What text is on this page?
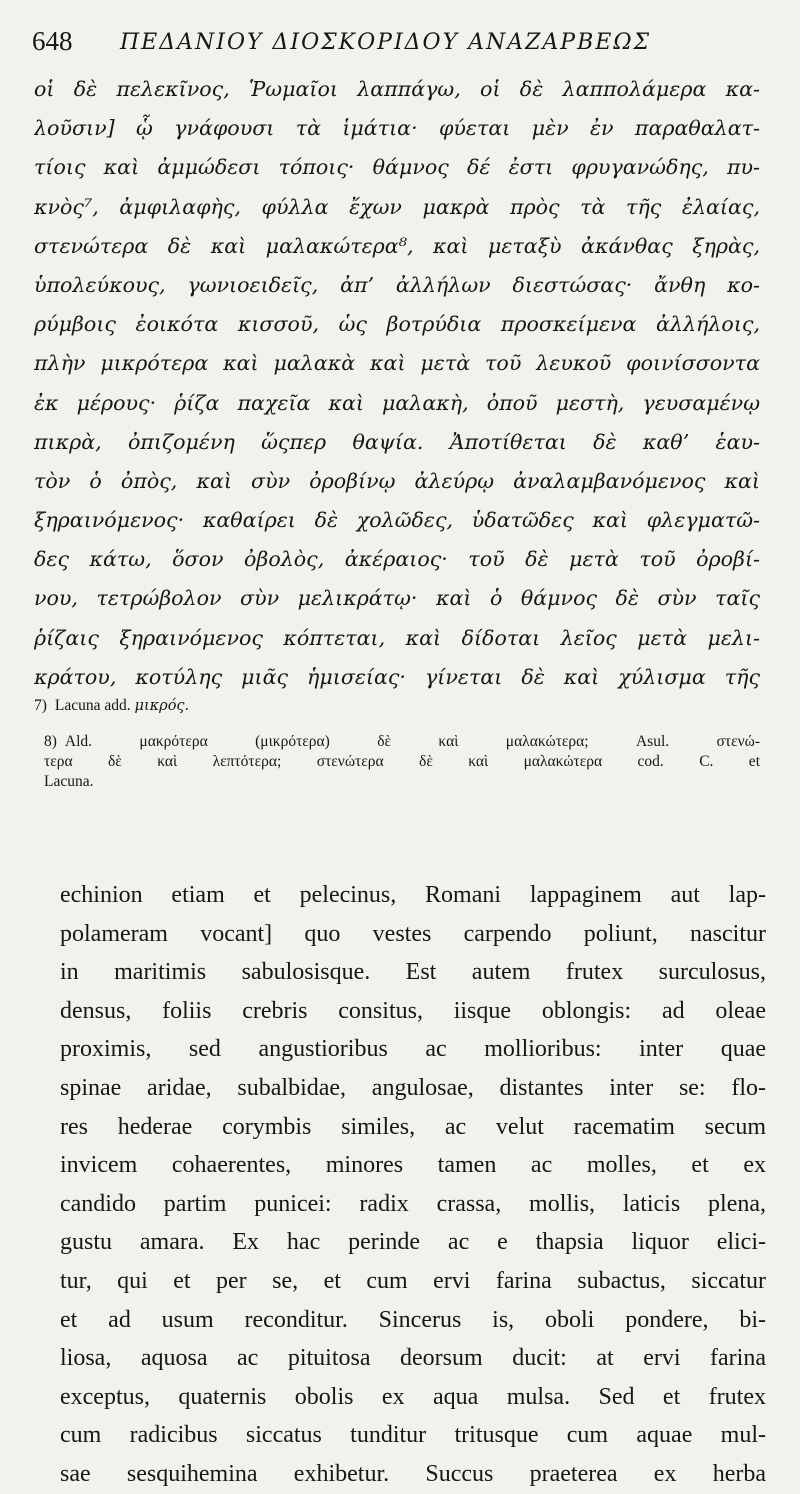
648 ΠΕΔΑΝΙΟΥ ΔΙΟΣΚΟΡΙΔΟΥ ΑΝΑΖΑΡΒΕΩΣ
οἱ δὲ πελεκῖνος, Ῥωμαῖοι λαππάγω, οἱ δὲ λαππολάμερα κα-
λοῦσιν] ᾧ γνάφουσι τὰ ἱμάτια· φύεται μὲν ἐν παραθαλατ-
τίοις καὶ ἀμμώδεσι τόποις· θάμνος δέ ἐστι φρυγανώδης, πυ-
κνὸς⁷, ἀμφιλαφὴς, φύλλα ἔχων μακρὰ πρὸς τὰ τῆς ἐλαίας,
στενώτερα δὲ καὶ μαλακώτερα⁸, καὶ μεταξὺ ἀκάνθας ξηρὰς,
ὑπολεύκους, γωνιοειδεῖς, ἀπ’ ἀλλήλων διεστώσας· ἄνθη κο-
ρύμβοις ἐοικότα κισσοῦ, ὡς βοτρύδια προσκείμενα ἀλλήλοις,
πλὴν μικρότερα καὶ μαλακὰ καὶ μετὰ τοῦ λευκοῦ φοινίσσοντα
ἐκ μέρους· ῥίζα παχεῖα καὶ μαλακὴ, ὀποῦ μεστὴ, γευσαμένῳ
πικρὰ, ὀπιζομένη ὥςπερ θαψία. Ἀποτίθεται δὲ καθ’ ἑαυ-
τὸν ὁ ὀπὸς, καὶ σὺν ὀροβίνῳ ἀλεύρῳ ἀναλαμβανόμενος καὶ
ξηραινόμενος· καθαίρει δὲ χολῶδες, ὑδατῶδες καὶ φλεγματῶ-
δες κάτω, ὅσον ὀβολὸς, ἀκέραιος· τοῦ δὲ μετὰ τοῦ ὀροβί-
νου, τετρώβολον σὺν μελικράτῳ· καὶ ὁ θάμνος δὲ σὺν ταῖς
ῥίζαις ξηραινόμενος κόπτεται, καὶ δίδοται λεῖος μετὰ μελι-
κράτου, κοτύλης μιᾶς ἡμισείας· γίνεται δὲ καὶ χύλισμα τῆς
7) Lacuna add. μικρός.
8) Ald. μακρότερα (μικρότερα) δὲ καὶ μαλακώτερα; Asul. στενώ-
τερα δὲ καὶ λεπτότερα; στενώτερα δὲ καὶ μαλακώτερα cod. C. et
Lacuna.
echinion etiam et pelecinus, Romani lappaginem aut lap-
polameram vocant] quo vestes carpendo poliunt, nascitur
in maritimis sabulosisque. Est autem frutex surculosus,
densus, foliis crebris consitus, iisque oblongis: ad oleae
proximis, sed angustioribus ac mollioribus: inter quae
spinae aridae, subalbidae, angulosae, distantes inter se: flo-
res hederae corymbis similes, ac velut racematim secum
invicem cohaerentes, minores tamen ac molles, et ex
candido partim punicei: radix crassa, mollis, laticis plena,
gustu amara. Ex hac perinde ac e thapsia liquor elici-
tur, qui et per se, et cum ervi farina subactus, siccatur
et ad usum reconditur. Sincerus is, oboli pondere, bi-
liosa, aquosa ac pituitosa deorsum ducit: at ervi farina
exceptus, quaternis obolis ex aqua mulsa. Sed et frutex
cum radicibus siccatus tunditur tritusque cum aquae mul-
sae sesquihemina exhibetur. Succus praeterea ex herba
